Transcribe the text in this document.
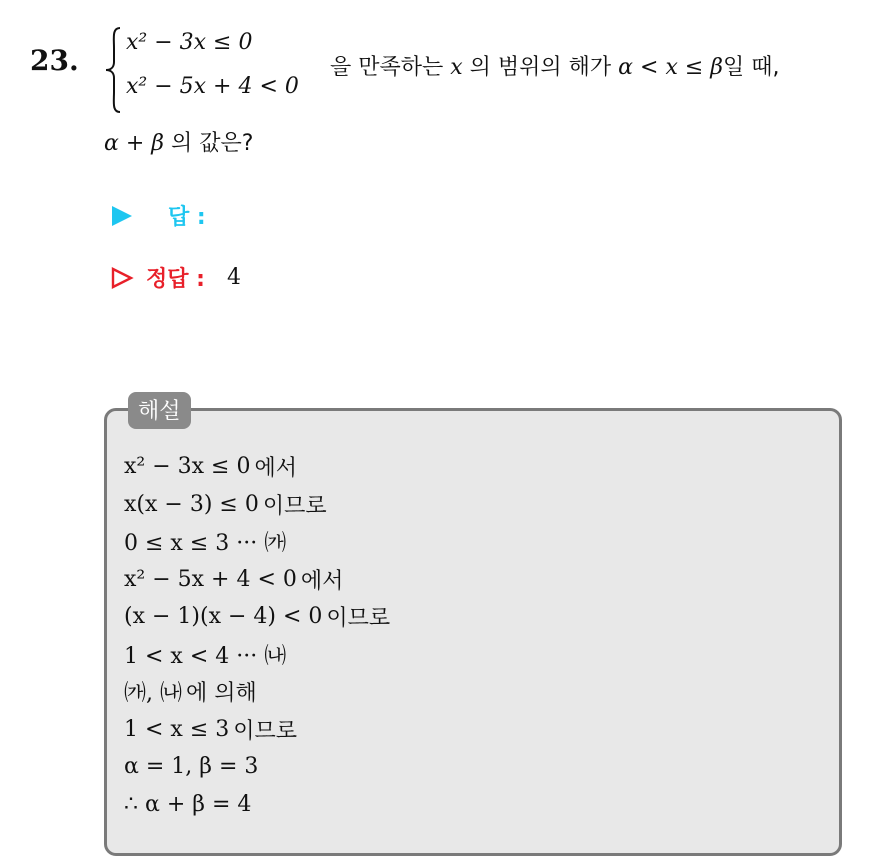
23.
x² − 3x ≤ 0
x² − 5x + 4 < 0
을 만족하는 x 의 범위의 해가 α < x ≤ β일 때,
α + β 의 값은?
답 :
정답 : 4
해설
x² − 3x ≤ 0 에서
x(x − 3) ≤ 0 이므로
0 ≤ x ≤ 3 ··· ㈎
x² − 5x + 4 < 0 에서
(x − 1)(x − 4) < 0 이므로
1 < x < 4 ··· ㈏
㈎, ㈏ 에 의해
1 < x ≤ 3 이므로
α = 1, β = 3
∴ α + β = 4
